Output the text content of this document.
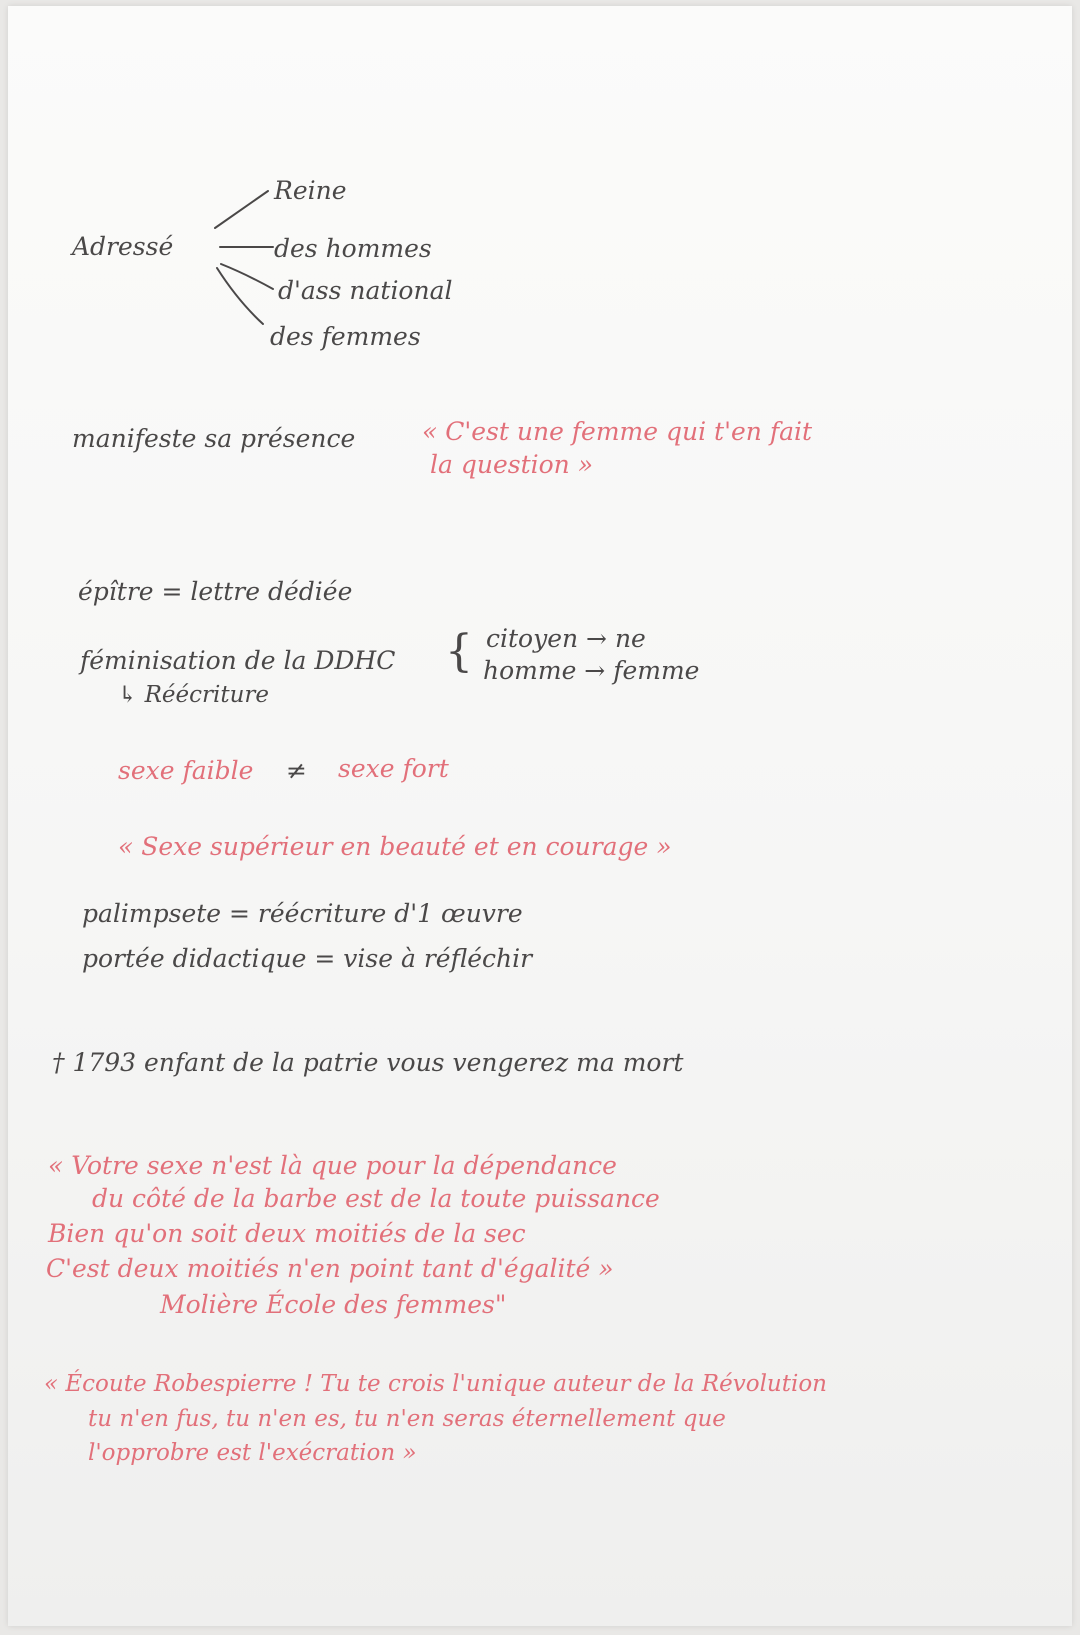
Adressé
Reine
des hommes
d'ass national
des femmes
manifeste sa présence	« C'est une femme qui t'en fait
la question »
épître = lettre dédiée
féminisation de la DDHC { citoyen → ne
homme → femme
↳ Réécriture
sexe faible ≠ sexe fort
« Sexe supérieur en beauté et en courage »
palimpsete = réécriture d'1 œuvre
portée didactique = vise à réfléchir
† 1793 enfant de la patrie vous vengerez ma mort
« Votre sexe n'est là que pour la dépendance
du côté de la barbe est de la toute puissance
Bien qu'on soit deux moitiés de la sec
C'est deux moitiés n'en point tant d'égalité »
Molière École des femmes"
« Écoute Robespierre ! Tu te crois l'unique auteur de la Révolution
tu n'en fus, tu n'en es, tu n'en seras éternellement que
l'opprobre est l'exécration »
